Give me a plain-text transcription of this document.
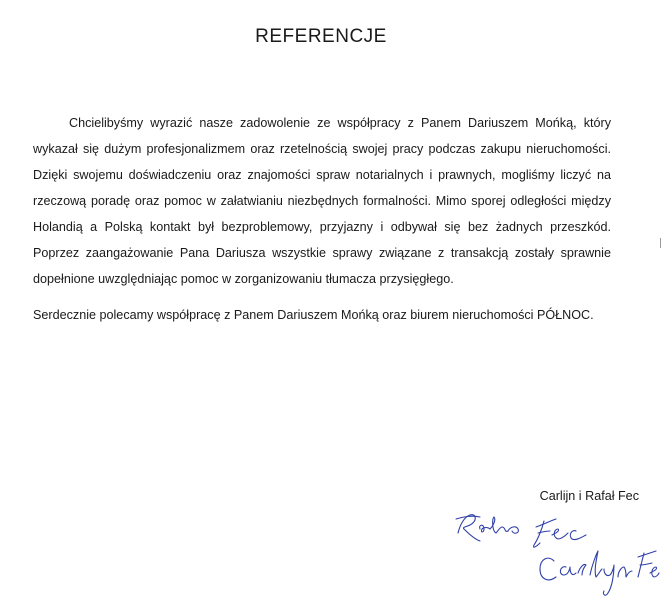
REFERENCJE

Chcielibyśmy wyrazić nasze zadowolenie ze współpracy z Panem Dariuszem Mońką, który wykazał się dużym profesjonalizmem oraz rzetelnością swojej pracy podczas zakupu nieruchomości. Dzięki swojemu doświadczeniu oraz znajomości spraw notarialnych i prawnych, mogliśmy liczyć na rzeczową poradę oraz pomoc w załatwianiu niezbędnych formalności. Mimo sporej odległości między Holandią a Polską kontakt był bezproblemowy, przyjazny i odbywał się bez żadnych przeszkód. Poprzez zaangażowanie Pana Dariusza wszystkie sprawy związane z transakcją zostały sprawnie dopełnione uwzględniając pomoc w zorganizowaniu tłumacza przysięgłego.

Serdecznie polecamy współpracę z Panem Dariuszem Mońką oraz biurem nieruchomości PÓŁNOC.

Carlijn i Rafał Fec
